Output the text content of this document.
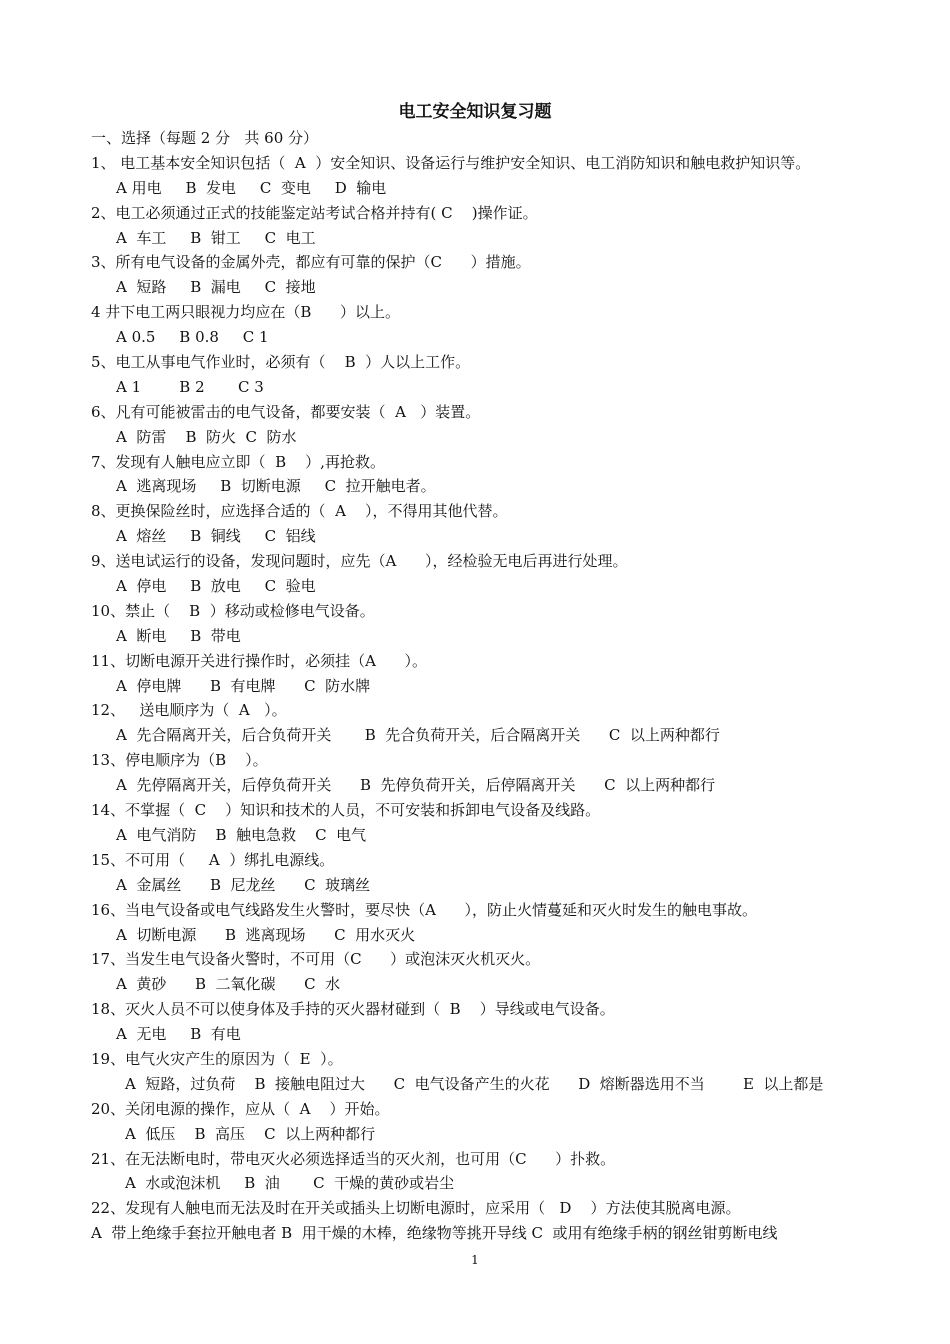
电工安全知识复习题
一、选择（每题 2 分   共 60 分）
1、 电工基本安全知识包括（  A  ）安全知识、设备运行与维护安全知识、电工消防知识和触电救护知识等。
A 用电     B  发电     C  变电     D  输电
2、电工必须通过正式的技能鉴定站考试合格并持有( C    )操作证。
A  车工     B  钳工     C  电工
3、所有电气设备的金属外壳，都应有可靠的保护（C      ）措施。
A  短路     B  漏电     C  接地
4 井下电工两只眼视力均应在（B      ）以上。
A 0.5     B 0.8     C 1
5、电工从事电气作业时，必须有（    B  ）人以上工作。
A 1        B 2       C 3
6、凡有可能被雷击的电气设备，都要安装（  A   ）装置。
A  防雷    B  防火  C  防水
7、发现有人触电应立即（  B    ）,再抢救。
A  逃离现场     B  切断电源     C  拉开触电者。
8、更换保险丝时，应选择合适的（  A    ），不得用其他代替。
A  熔丝     B  铜线     C  铝线
9、送电试运行的设备，发现问题时，应先（A      ），经检验无电后再进行处理。
A  停电     B  放电     C  验电
10、禁止（    B  ）移动或检修电气设备。
A  断电     B  带电
11、切断电源开关进行操作时，必须挂（A      ）。
A  停电牌      B  有电牌      C  防水牌
12、   送电顺序为（  A   ）。
A  先合隔离开关，后合负荷开关       B  先合负荷开关，后合隔离开关      C  以上两种都行
13、停电顺序为（B    ）。
A  先停隔离开关，后停负荷开关      B  先停负荷开关，后停隔离开关      C  以上两种都行
14、不掌握（  C    ）知识和技术的人员，不可安装和拆卸电气设备及线路。
A  电气消防    B  触电急救    C  电气
15、不可用（     A  ）绑扎电源线。
A  金属丝      B  尼龙丝      C  玻璃丝
16、当电气设备或电气线路发生火警时，要尽快（A      ），防止火情蔓延和灭火时发生的触电事故。
A  切断电源      B  逃离现场      C  用水灭火
17、当发生电气设备火警时，不可用（C      ）或泡沫灭火机灭火。
A  黄砂      B  二氧化碳      C  水
18、灭火人员不可以使身体及手持的灭火器材碰到（  B    ）导线或电气设备。
A  无电     B  有电
19、电气火灾产生的原因为（  E  ）。
A  短路，过负荷    B  接触电阻过大      C  电气设备产生的火花      D  熔断器选用不当        E  以上都是
20、关闭电源的操作，应从（  A    ）开始。
A  低压    B  高压    C  以上两种都行
21、在无法断电时，带电灭火必须选择适当的灭火剂，也可用（C      ）扑救。
A  水或泡沫机     B  油       C  干燥的黄砂或岩尘
22、发现有人触电而无法及时在开关或插头上切断电源时，应采用（   D    ）方法使其脱离电源。
A  带上绝缘手套拉开触电者 B  用干燥的木棒，绝缘物等挑开导线 C  或用有绝缘手柄的钢丝钳剪断电线
1
